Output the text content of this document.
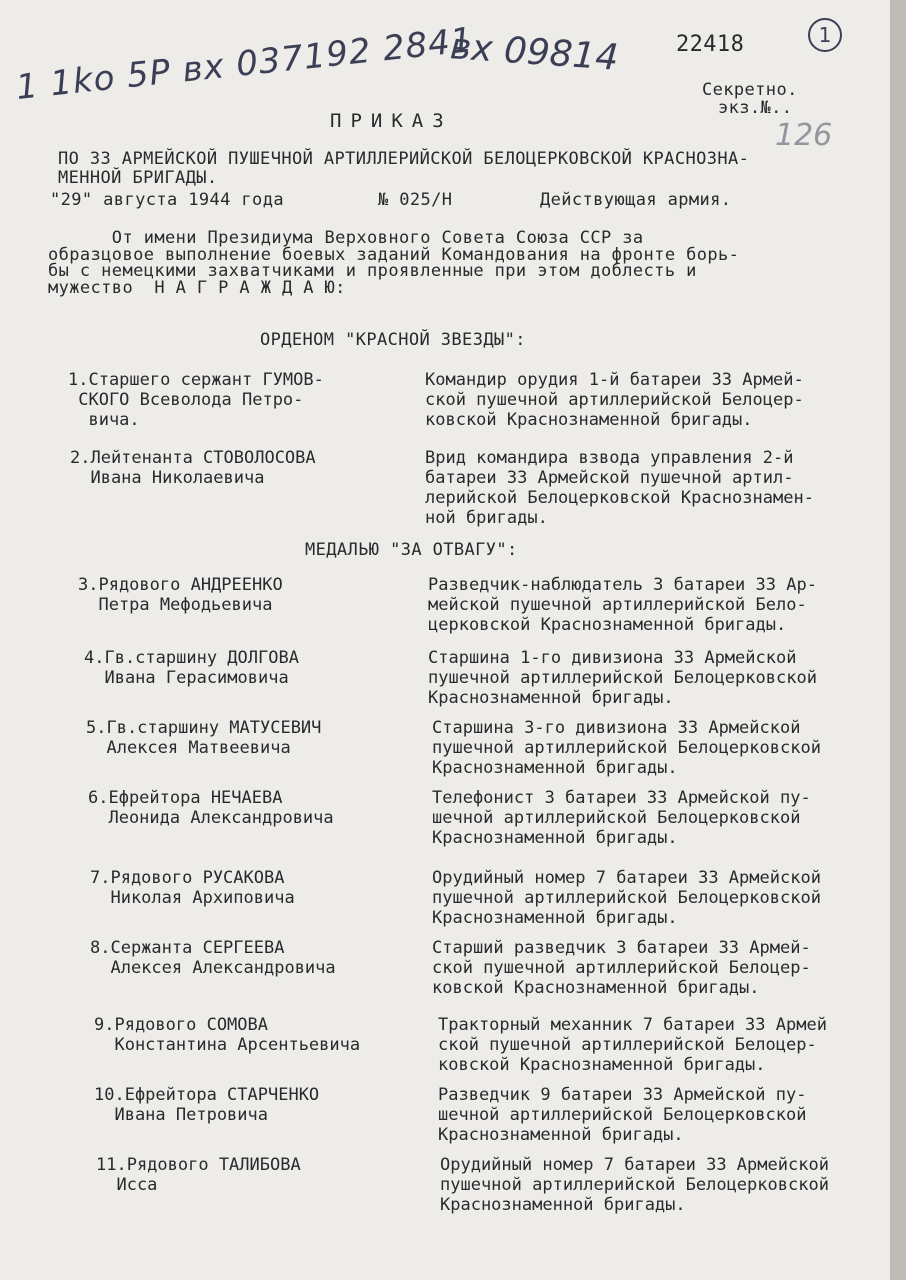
1 1ko 5P вх 037192 2841
вх 09814	1
126
22418
Секретно.
экз.№..
ПРИКАЗ
ПО 33 АРМЕЙСКОЙ ПУШЕЧНОЙ АРТИЛЛЕРИЙСКОЙ БЕЛОЦЕРКОВСКОЙ КРАСНОЗНА-
МЕННОЙ БРИГАДЫ.
"29" августа 1944 года	№ 025/Н	Действующая армия.
От имени Президиума Верховного Совета Союза ССР за
образцовое выполнение боевых заданий Командования на фронте борь-
бы с немецкими захватчиками и проявленные при этом доблесть и
мужество  Н А Г Р А Ж Д А Ю:
ОРДЕНОМ "КРАСНОЙ ЗВЕЗДЫ":
МЕДАЛЬЮ "ЗА ОТВАГУ":
1.Старшего сержант ГУМОВ-
СКОГО Всеволода Петро-
вича.
Командир орудия 1-й батареи 33 Армей-
ской пушечной артиллерийской Белоцер-
ковской Краснознаменной бригады.
2.Лейтенанта СТОВОЛОСОВА
Ивана Николаевича

Врид командира взвода управления 2-й
батареи 33 Армейской пушечной артил-
лерийской Белоцерковской Краснознамен-
ной бригады.
3.Рядового АНДРЕЕНКО
Петра Мефодьевича
Разведчик-наблюдатель 3 батареи 33 Ар-
мейской пушечной артиллерийской Бело-
церковской Краснознаменной бригады.
4.Гв.старшину ДОЛГОВА
Ивана Герасимовича
Старшина 1-го дивизиона 33 Армейской
пушечной артиллерийской Белоцерковской
Краснознаменной бригады.
5.Гв.старшину МАТУСЕВИЧ
Алексея Матвеевича
Старшина 3-го дивизиона 33 Армейской
пушечной артиллерийской Белоцерковской
Краснознаменной бригады.
6.Ефрейтора НЕЧАЕВА
Леонида Александровича
Телефонист 3 батареи 33 Армейской пу-
шечной артиллерийской Белоцерковской
Краснознаменной бригады.
7.Рядового РУСАКОВА
Николая Архиповича
Орудийный номер 7 батареи 33 Армейской
пушечной артиллерийской Белоцерковской
Краснознаменной бригады.
8.Сержанта СЕРГЕЕВА
Алексея Александровича
Старший разведчик 3 батареи 33 Армей-
ской пушечной артиллерийской Белоцер-
ковской Краснознаменной бригады.
9.Рядового СОМОВА
Константина Арсентьевича
Тракторный механник 7 батареи 33 Армей
ской пушечной артиллерийской Белоцер-
ковской Краснознаменной бригады.
10.Ефрейтора СТАРЧЕНКО
Ивана Петровича
Разведчик 9 батареи 33 Армейской пу-
шечной артиллерийской Белоцерковской
Краснознаменной бригады.
11.Рядового ТАЛИБОВА
Исса
Орудийный номер 7 батареи 33 Армейской
пушечной артиллерийской Белоцерковской
Краснознаменной бригады.
